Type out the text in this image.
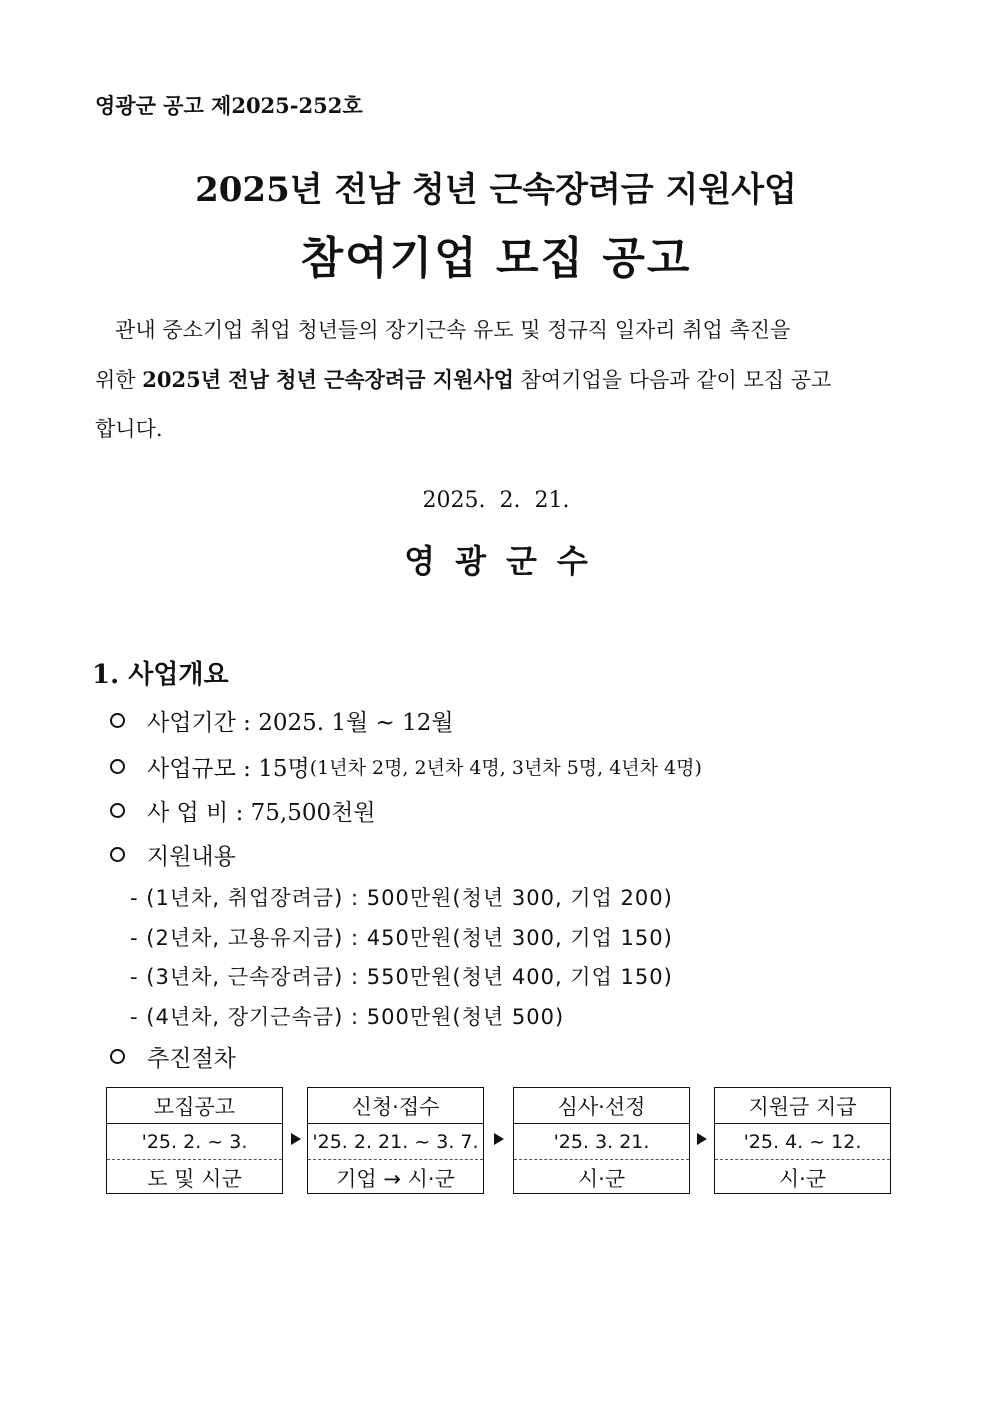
영광군 공고 제2025-252호
2025년 전남 청년 근속장려금 지원사업
참여기업 모집 공고
관내 중소기업 취업 청년들의 장기근속 유도 및 정규직 일자리 취업 촉진을
위한 2025년 전남 청년 근속장려금 지원사업 참여기업을 다음과 같이 모집 공고
합니다.
2025.  2.  21.
영광군수
1. 사업개요
사업기간 : 2025. 1월 ~ 12월
사업규모 : 15명 (1년차 2명, 2년차 4명, 3년차 5명, 4년차 4명)
사 업 비 : 75,500천원
지원내용
- (1년차, 취업장려금) : 500만원(청년 300, 기업 200)
- (2년차, 고용유지금) : 450만원(청년 300, 기업 150)
- (3년차, 근속장려금) : 550만원(청년 400, 기업 150)
- (4년차, 장기근속금) : 500만원(청년 500)
추진절차
모집공고
'25. 2. ~ 3.
도 및 시군
신청·접수
'25. 2. 21. ~ 3. 7.
기업 → 시·군
심사·선정
'25. 3. 21.
시·군
지원금 지급
'25. 4. ~ 12.
시·군
